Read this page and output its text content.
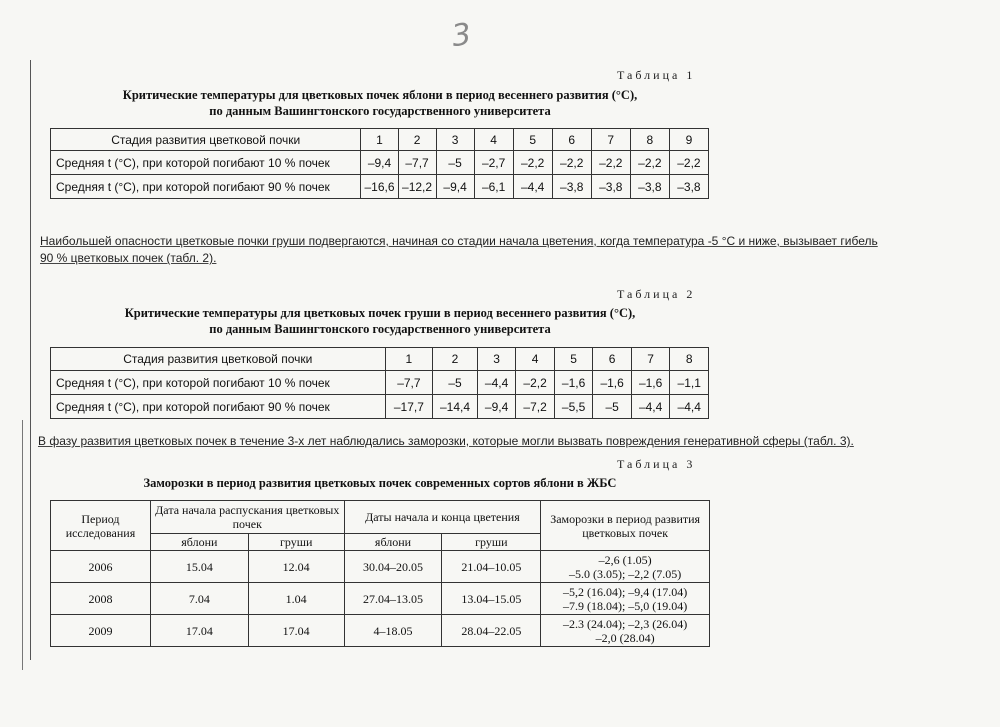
3
Таблица 1
Критические температуры для цветковых почек яблони в период весеннего развития (°С),
по данным Вашингтонского государственного университета
Стадия развития цветковой почки	1	2	3	4	5	6	7	8	9
Средняя t (°С), при которой погибают 10 % почек	–9,4	–7,7	–5	–2,7	–2,2	–2,2	–2,2	–2,2	–2,2
Средняя t (°С), при которой погибают 90 % почек	–16,6	–12,2	–9,4	–6,1	–4,4	–3,8	–3,8	–3,8	–3,8
Наибольшей опасности цветковые почки груши подвергаются, начиная со стадии начала цветения, когда температура -5 °С и ниже, вызывает гибель
90 % цветковых почек (табл. 2).
Таблица 2
Критические температуры для цветковых почек груши в период весеннего развития (°С),
по данным Вашингтонского государственного университета
Стадия развития цветковой почки	1	2	3	4	5	6	7	8
Средняя t (°С), при которой погибают 10 % почек	–7,7	–5	–4,4	–2,2	–1,6	–1,6	–1,6	–1,1
Средняя t (°С), при которой погибают 90 % почек	–17,7	–14,4	–9,4	–7,2	–5,5	–5	–4,4	–4,4
В фазу развития цветковых почек в течение 3-х лет наблюдались заморозки, которые могли вызвать повреждения генеративной сферы (табл. 3).
Таблица 3
Заморозки в период развития цветковых почек современных сортов яблони в ЖБС
Период исследования	Дата начала распускания цветковых почек		Даты начала и конца цветения		Заморозки в период развития цветковых почек
	яблони	груши	яблони	груши	
2006	15.04	12.04	30.04–20.05	21.04–10.05	–2,6 (1.05)
–5.0 (3.05); –2,2 (7.05)

2008	7.04	1.04	27.04–13.05	13.04–15.05	–5,2 (16.04); –9,4 (17.04)
–7.9 (18.04); –5,0 (19.04)

2009	17.04	17.04	4–18.05	28.04–22.05	–2.3 (24.04); –2,3 (26.04)
–2,0 (28.04)
